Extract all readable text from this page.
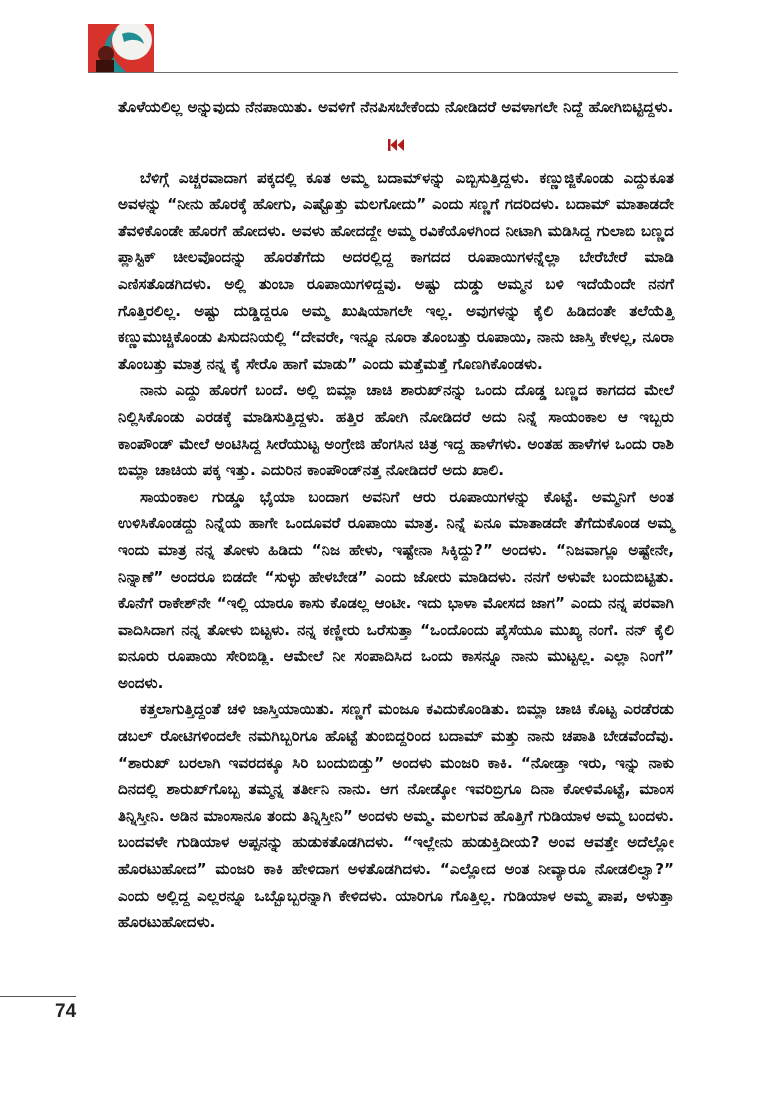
ತೊಳೆಯಲಿಲ್ಲ ಅನ್ನುವುದು ನೆನಪಾಯಿತು. ಅವಳಿಗೆ ನೆನಪಿಸಬೇಕೆಂದು ನೋಡಿದರೆ ಅವಳಾಗಲೇ ನಿದ್ದೆ ಹೋಗಿಬಿಟ್ಟಿದ್ದಳು.

ಬೆಳಿಗ್ಗೆ ಎಚ್ಚರವಾದಾಗ ಪಕ್ಕದಲ್ಲಿ ಕೂತ ಅಮ್ಮ ಬದಾಮ್‌ಳನ್ನು ಎಬ್ಬಿಸುತ್ತಿದ್ದಳು. ಕಣ್ಣುಜ್ಜಿಕೊಂಡು ಎದ್ದುಕೂತ ಅವಳನ್ನು “ನೀನು ಹೊರಕ್ಕೆ ಹೋಗು, ಎಷ್ಟೊತ್ತು ಮಲಗೋದು” ಎಂದು ಸಣ್ಣಗೆ ಗದರಿದಳು. ಬದಾಮ್ ಮಾತಾಡದೇ ತೆವಳಿಕೊಂಡೇ ಹೊರಗೆ ಹೋದಳು. ಅವಳು ಹೋದದ್ದೇ ಅಮ್ಮ ರವಿಕೆಯೊಳಗಿಂದ ನೀಟಾಗಿ ಮಡಿಸಿದ್ದ ಗುಲಾಬಿ ಬಣ್ಣದ ಪ್ಲಾಸ್ಟಿಕ್ ಚೀಲವೊಂದನ್ನು ಹೊರತೆಗೆದು ಅದರಲ್ಲಿದ್ದ ಕಾಗದದ ರೂಪಾಯಿಗಳನ್ನೆಲ್ಲಾ ಬೇರೆಬೇರೆ ಮಾಡಿ ಎಣಿಸತೊಡಗಿದಳು. ಅಲ್ಲಿ ತುಂಬಾ ರೂಪಾಯಿಗಳಿದ್ದವು. ಅಷ್ಟು ದುಡ್ಡು ಅಮ್ಮನ ಬಳಿ ಇದೆಯೆಂದೇ ನನಗೆ ಗೊತ್ತಿರಲಿಲ್ಲ. ಅಷ್ಟು ದುಡ್ಡಿದ್ದರೂ ಅಮ್ಮ ಖುಷಿಯಾಗಲೇ ಇಲ್ಲ. ಅವುಗಳನ್ನು ಕೈಲಿ ಹಿಡಿದಂತೇ ತಲೆಯೆತ್ತಿ ಕಣ್ಣುಮುಚ್ಚಿಕೊಂಡು ಪಿಸುದನಿಯಲ್ಲಿ “ದೇವರೇ, ಇನ್ನೂ ನೂರಾ ತೊಂಬತ್ತು ರೂಪಾಯಿ, ನಾನು ಜಾಸ್ತಿ ಕೇಳಲ್ಲ, ನೂರಾ ತೊಂಬತ್ತು ಮಾತ್ರ ನನ್ನ ಕೈ ಸೇರೊ ಹಾಗೆ ಮಾಡು” ಎಂದು ಮತ್ತೆಮತ್ತೆ ಗೊಣಗಿಕೊಂಡಳು.

ನಾನು ಎದ್ದು ಹೊರಗೆ ಬಂದೆ. ಅಲ್ಲಿ ಬಿಮ್ಲಾ ಚಾಚಿ ಶಾರುಖ್‌ನನ್ನು ಒಂದು ದೊಡ್ಡ ಬಣ್ಣದ ಕಾಗದದ ಮೇಲೆ ನಿಲ್ಲಿಸಿಕೊಂಡು ಎರಡಕ್ಕೆ ಮಾಡಿಸುತ್ತಿದ್ದಳು. ಹತ್ತಿರ ಹೋಗಿ ನೋಡಿದರೆ ಅದು ನಿನ್ನೆ ಸಾಯಂಕಾಲ ಆ ಇಬ್ಬರು ಕಾಂಪೌಂಡ್ ಮೇಲೆ ಅಂಟಿಸಿದ್ದ ಸೀರೆಯುಟ್ಟ ಅಂಗ್ರೇಜಿ ಹೆಂಗಸಿನ ಚಿತ್ರ ಇದ್ದ ಹಾಳೆಗಳು. ಅಂತಹ ಹಾಳೆಗಳ ಒಂದು ರಾಶಿ ಬಿಮ್ಲಾ ಚಾಚಿಯ ಪಕ್ಕ ಇತ್ತು. ಎದುರಿನ ಕಾಂಪೌಂಡ್‌ನತ್ತ ನೋಡಿದರೆ ಅದು ಖಾಲಿ.

ಸಾಯಂಕಾಲ ಗುಡ್ಡೂ ಭೈಯಾ ಬಂದಾಗ ಅವನಿಗೆ ಆರು ರೂಪಾಯಿಗಳನ್ನು ಕೊಟ್ಟೆ. ಅಮ್ಮನಿಗೆ ಅಂತ ಉಳಿಸಿಕೊಂಡದ್ದು ನಿನ್ನೆಯ ಹಾಗೇ ಒಂದೂವರೆ ರೂಪಾಯಿ ಮಾತ್ರ. ನಿನ್ನೆ ಏನೂ ಮಾತಾಡದೇ ತೆಗೆದುಕೊಂಡ ಅಮ್ಮ ಇಂದು ಮಾತ್ರ ನನ್ನ ತೋಳು ಹಿಡಿದು “ನಿಜ ಹೇಳು, ಇಷ್ಟೇನಾ ಸಿಕ್ಕಿದ್ದು?” ಅಂದಳು. “ನಿಜವಾಗ್ಲೂ ಅಷ್ಟೇನೇ, ನಿನ್ನಾಣೆ” ಅಂದರೂ ಬಿಡದೇ “ಸುಳ್ಳು ಹೇಳಬೇಡ” ಎಂದು ಜೋರು ಮಾಡಿದಳು. ನನಗೆ ಅಳುವೇ ಬಂದುಬಿಟ್ಟಿತು. ಕೊನೆಗೆ ರಾಕೇಶ್‌ನೇ “ಇಲ್ಲಿ ಯಾರೂ ಕಾಸು ಕೊಡಲ್ಲ ಆಂಟೀ. ಇದು ಭಾಳಾ ಮೋಸದ ಜಾಗ” ಎಂದು ನನ್ನ ಪರವಾಗಿ ವಾದಿಸಿದಾಗ ನನ್ನ ತೋಳು ಬಿಟ್ಟಳು. ನನ್ನ ಕಣ್ಣೀರು ಒರೆಸುತ್ತಾ “ಒಂದೊಂದು ಪೈಸೆಯೂ ಮುಖ್ಯ ನಂಗೆ. ನನ್ ಕೈಲಿ ಐನೂರು ರೂಪಾಯಿ ಸೇರಿಬಿಡ್ಲಿ. ಆಮೇಲೆ ನೀ ಸಂಪಾದಿಸಿದ ಒಂದು ಕಾಸನ್ನೂ ನಾನು ಮುಟ್ಟಲ್ಲ. ಎಲ್ಲಾ ನಿಂಗೆ” ಅಂದಳು.

ಕತ್ತಲಾಗುತ್ತಿದ್ದಂತೆ ಚಳಿ ಜಾಸ್ತಿಯಾಯಿತು. ಸಣ್ಣಗೆ ಮಂಜೂ ಕವಿದುಕೊಂಡಿತು. ಬಿಮ್ಲಾ ಚಾಚಿ ಕೊಟ್ಟ ಎರಡೆರಡು ಡಬಲ್ ರೋಟಿಗಳಿಂದಲೇ ನಮಗಿಬ್ಬರಿಗೂ ಹೊಟ್ಟೆ ತುಂಬಿದ್ದರಿಂದ ಬದಾಮ್ ಮತ್ತು ನಾನು ಚಪಾತಿ ಬೇಡವೆಂದೆವು. “ಶಾರುಖ್ ಬರಲಾಗಿ ಇವರದಕ್ಕೂ ಸಿರಿ ಬಂದುಬಿಡ್ತು” ಅಂದಳು ಮಂಜರಿ ಕಾಕಿ. “ನೋಡ್ತಾ ಇರು, ಇನ್ನು ನಾಕು ದಿನದಲ್ಲಿ ಶಾರುಖ್‌ಗೊಬ್ಬ ತಮ್ಮನ್ನ ತರ್ತೀನಿ ನಾನು. ಆಗ ನೋಡ್ಕೋ ಇವರಿಬ್ರಿಗೂ ದಿನಾ ಕೋಳಿಮೊಟ್ಟೆ, ಮಾಂಸ ತಿನ್ನಿಸ್ತೀನಿ. ಅಡಿನ ಮಾಂಸಾನೂ ತಂದು ತಿನ್ನಿಸ್ತೀನಿ” ಅಂದಳು ಅಮ್ಮ. ಮಲಗುವ ಹೊತ್ತಿಗೆ ಗುಡಿಯಾಳ ಅಮ್ಮ ಬಂದಳು. ಬಂದವಳೇ ಗುಡಿಯಾಳ ಅಪ್ಪನನ್ನು ಹುಡುಕತೊಡಗಿದಳು. “ಇಲ್ಲೇನು ಹುಡುಕ್ತಿದೀಯ? ಅಂವ ಆವತ್ತೇ ಅದೆಲ್ಲೋ ಹೊರಟುಹೋದ” ಮಂಜರಿ ಕಾಕಿ ಹೇಳಿದಾಗ ಅಳತೊಡಗಿದಳು. “ಎಲ್ಲೋದ ಅಂತ ನೀವ್ಯಾರೂ ನೋಡಲಿಲ್ವಾ?” ಎಂದು ಅಲ್ಲಿದ್ದ ಎಲ್ಲರನ್ನೂ ಒಬ್ಬೊಬ್ಬರನ್ನಾಗಿ ಕೇಳಿದಳು. ಯಾರಿಗೂ ಗೊತ್ತಿಲ್ಲ. ಗುಡಿಯಾಳ ಅಮ್ಮ ಪಾಪ, ಅಳುತ್ತಾ ಹೊರಟುಹೋದಳು.

74
